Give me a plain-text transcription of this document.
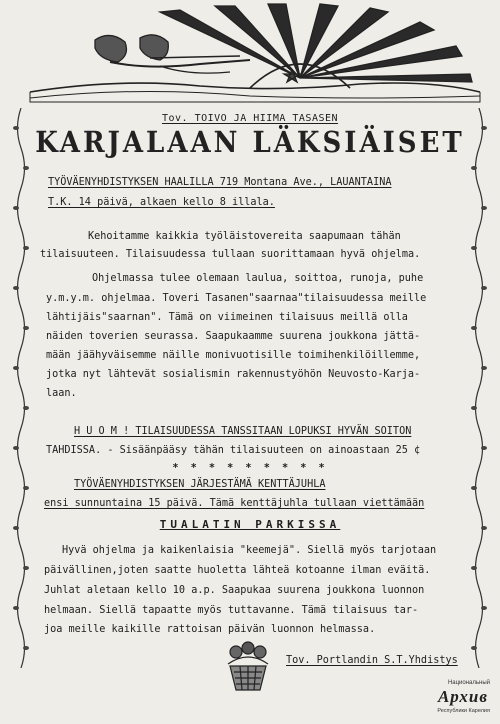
Tov. TOIVO JA HIIMA TASASEN
KARJALAAN LÄKSIÄISET
TYÖVÄENYHDISTYKSEN HAALILLA 719 Montana Ave., LAUANTAINA
T.K. 14 päivä, alkaen kello 8 illala.
Kehoitamme kaikkia työläistovereita saapumaan tähän
tilaisuuteen. Tilaisuudessa tullaan suorittamaan hyvä ohjelma.
Ohjelmassa tulee olemaan laulua, soittoa, runoja, puhe
y.m.y.m. ohjelmaa. Toveri Tasanen"saarnaa"tilaisuudessa meille
lähtijäis"saarnan". Tämä on viimeinen tilaisuus meillä olla
näiden toverien seurassa. Saapukaamme suurena joukkona jättä-
mään jäähyväisemme näille monivuotisille toimihenkilöillemme,
jotka nyt lähtevät sosialismin rakennustyöhön Neuvosto-Karja-
laan.
H U O M ! TILAISUUDESSA TANSSITAAN LOPUKSI HYVÄN SOITON
TAHDISSA. - Sisäänpääsy tähän tilaisuuteen on ainoastaan 25 ¢
* * * * * * * * *
TYÖVÄENYHDISTYKSEN JÄRJESTÄMÄ KENTTÄJUHLA
ensi sunnuntaina 15 päivä. Tämä kenttäjuhla tullaan viettämään
TUALATIN PARKISSA
Hyvä ohjelma ja kaikenlaisia "keemejä". Siellä myös tarjotaan
päivällinen,joten saatte huoletta lähteä kotoanne ilman eväitä.
Juhlat aletaan kello 10 a.p. Saapukaa suurena joukkona luonnon
helmaan. Siellä tapaatte myös tuttavanne. Tämä tilaisuus tar-
joa meille kaikille rattoisan päivän luonnon helmassa.
Tov. Portlandin S.T.Yhdistys
Национальный
Архив
Республики Карелия
